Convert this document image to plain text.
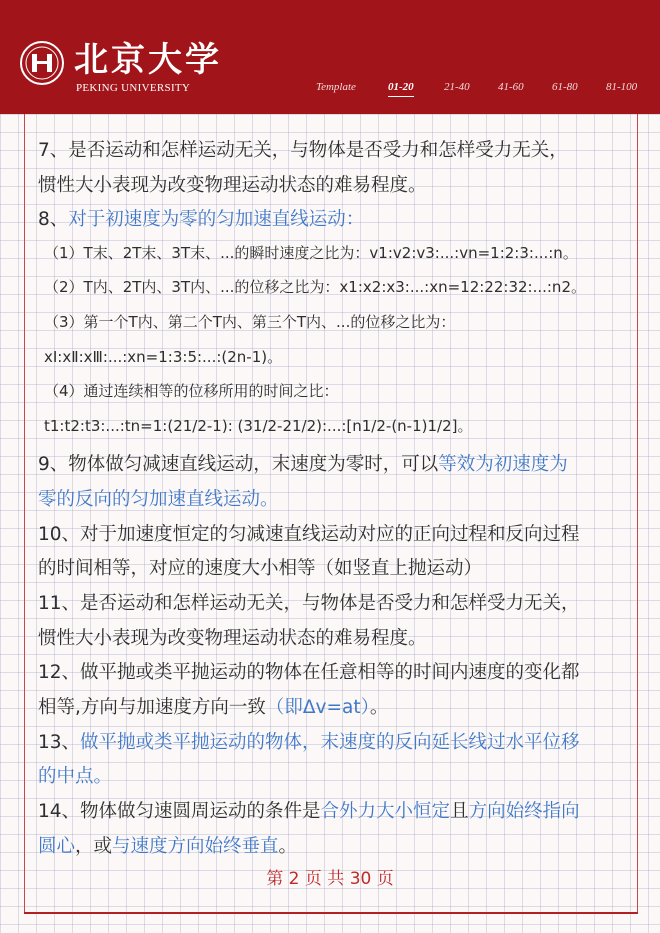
北京大学
PEKING UNIVERSITY	Template	01-20	21-40	41-60	61-80	81-100
7、是否运动和怎样运动无关，与物体是否受力和怎样受力无关，
惯性大小表现为改变物理运动状态的难易程度。
8、对于初速度为零的匀加速直线运动：
（1）T末、2T末、3T末、...的瞬时速度之比为：v1:v2:v3:...:vn=1:2:3:...:n。
（2）T内、2T内、3T内、...的位移之比为：x1:x2:x3:...:xn=12:22:32:...:n2。
（3）第一个T内、第二个T内、第三个T内、...的位移之比为：
xⅠ:xⅡ:xⅢ:...:xn=1:3:5:...:(2n-1)。
（4）通过连续相等的位移所用的时间之比：
t1:t2:t3:...:tn=1:(21/2-1): (31/2-21/2):...:[n1/2-(n-1)1/2]。
9、物体做匀减速直线运动，末速度为零时，可以等效为初速度为
零的反向的匀加速直线运动。
10、对于加速度恒定的匀减速直线运动对应的正向过程和反向过程
的时间相等，对应的速度大小相等（如竖直上抛运动）
11、是否运动和怎样运动无关，与物体是否受力和怎样受力无关，
惯性大小表现为改变物理运动状态的难易程度。
12、做平抛或类平抛运动的物体在任意相等的时间内速度的变化都
相等,方向与加速度方向一致（即Δv=at）。
13、做平抛或类平抛运动的物体，末速度的反向延长线过水平位移
的中点。
14、物体做匀速圆周运动的条件是合外力大小恒定且方向始终指向
圆心，或与速度方向始终垂直。
第 2 页 共 30 页
